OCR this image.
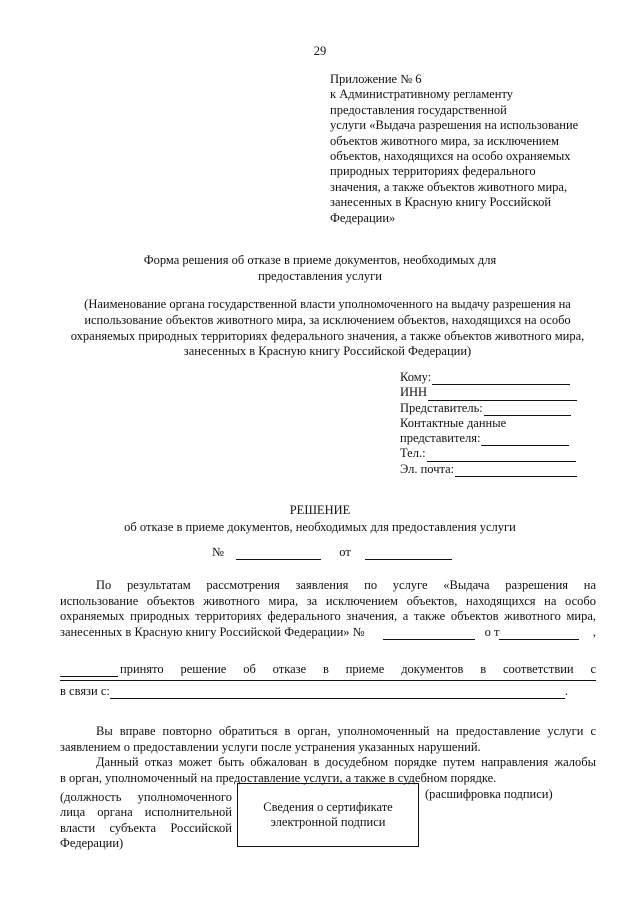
29
Приложение № 6
к Административному регламенту
предоставления государственной
услуги «Выдача разрешения на использование
объектов животного мира, за исключением
объектов, находящихся на особо охраняемых
природных территориях федерального
значения, а также объектов животного мира,
занесенных в Красную книгу Российской
Федерации»
Форма решения об отказе в приеме документов, необходимых для
предоставления услуги
(Наименование органа государственной власти уполномоченного на выдачу разрешения на
использование объектов животного мира, за исключением объектов, находящихся на особо
охраняемых природных территориях федерального значения, а также объектов животного мира,
занесенных в Красную книгу Российской Федерации)
Кому:
ИНН
Представитель:
Контактные данные
представителя:
Тел.:
Эл. почта:
РЕШЕНИЕ
об отказе в приеме документов, необходимых для предоставления услуги
№	от
По результатам рассмотрения заявления по услуге «Выдача разрешения на
использование объектов животного мира, за исключением объектов, находящихся на особо
охраняемых природных территориях федерального значения, а также объектов животного мира,
занесенных в Красную книгу Российской Федерации» №	о т	,
принято решение об отказе в приеме документов в соответствии с
в связи с:	.
Вы вправе повторно обратиться в орган, уполномоченный на предоставление услуги с
заявлением о предоставлении услуги после устранения указанных нарушений.
Данный отказ может быть обжалован в досудебном порядке путем направления жалобы
в орган, уполномоченный на предоставление услуги, а также в судебном порядке.
(должность уполномоченного
лица органа исполнительной
власти субъекта Российской
Федерации)
Сведения о сертификате
электронной подписи
(расшифровка подписи)
